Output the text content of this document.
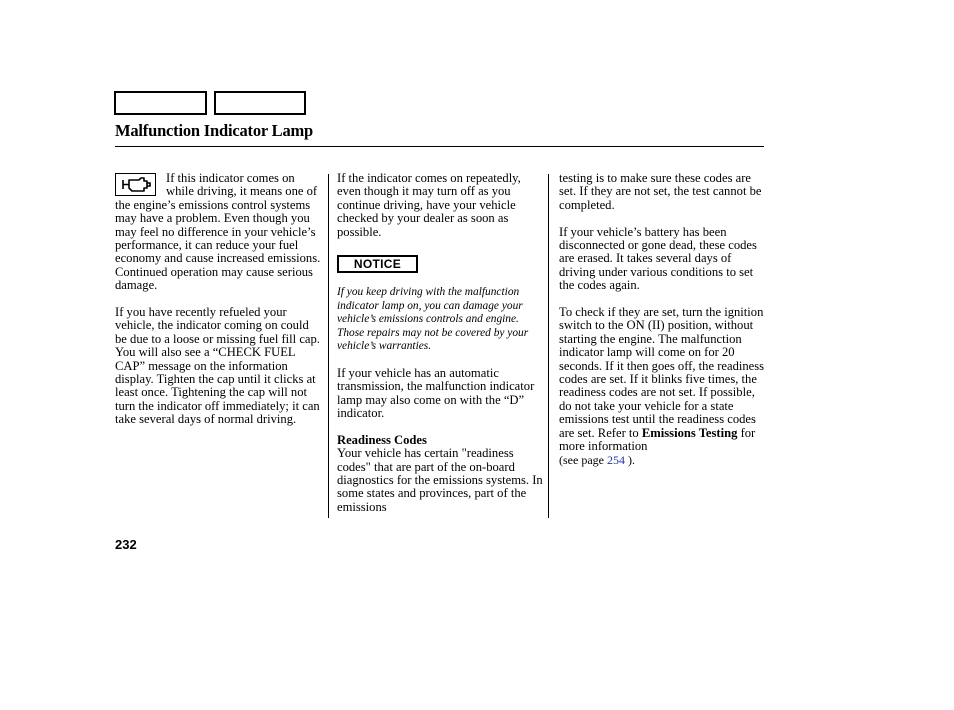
Malfunction Indicator Lamp

If this indicator comes on while driving, it means one of the engine’s emissions control systems may have a problem. Even though you may feel no difference in your vehicle’s performance, it can reduce your fuel economy and cause increased emissions. Continued operation may cause serious damage.

If you have recently refueled your vehicle, the indicator coming on could be due to a loose or missing fuel fill cap. You will also see a “CHECK FUEL CAP” message on the information display. Tighten the cap until it clicks at least once. Tightening the cap will not turn the indicator off immediately; it can take several days of normal driving.

If the indicator comes on repeatedly, even though it may turn off as you continue driving, have your vehicle checked by your dealer as soon as possible.

NOTICE

If you keep driving with the malfunction indicator lamp on, you can damage your vehicle’s emissions controls and engine. Those repairs may not be covered by your vehicle’s warranties.

If your vehicle has an automatic transmission, the malfunction indicator lamp may also come on with the “D” indicator.

Readiness Codes

Your vehicle has certain "readiness codes" that are part of the on-board diagnostics for the emissions systems. In some states and provinces, part of the emissions

testing is to make sure these codes are set. If they are not set, the test cannot be completed.

If your vehicle’s battery has been disconnected or gone dead, these codes are erased. It takes several days of driving under various conditions to set the codes again.

To check if they are set, turn the ignition switch to the ON (II) position, without starting the engine. The malfunction indicator lamp will come on for 20 seconds. If it then goes off, the readiness codes are set. If it blinks five times, the readiness codes are not set. If possible, do not take your vehicle for a state emissions test until the readiness codes are set. Refer to Emissions Testing for more information
(see page 254 ).

232
